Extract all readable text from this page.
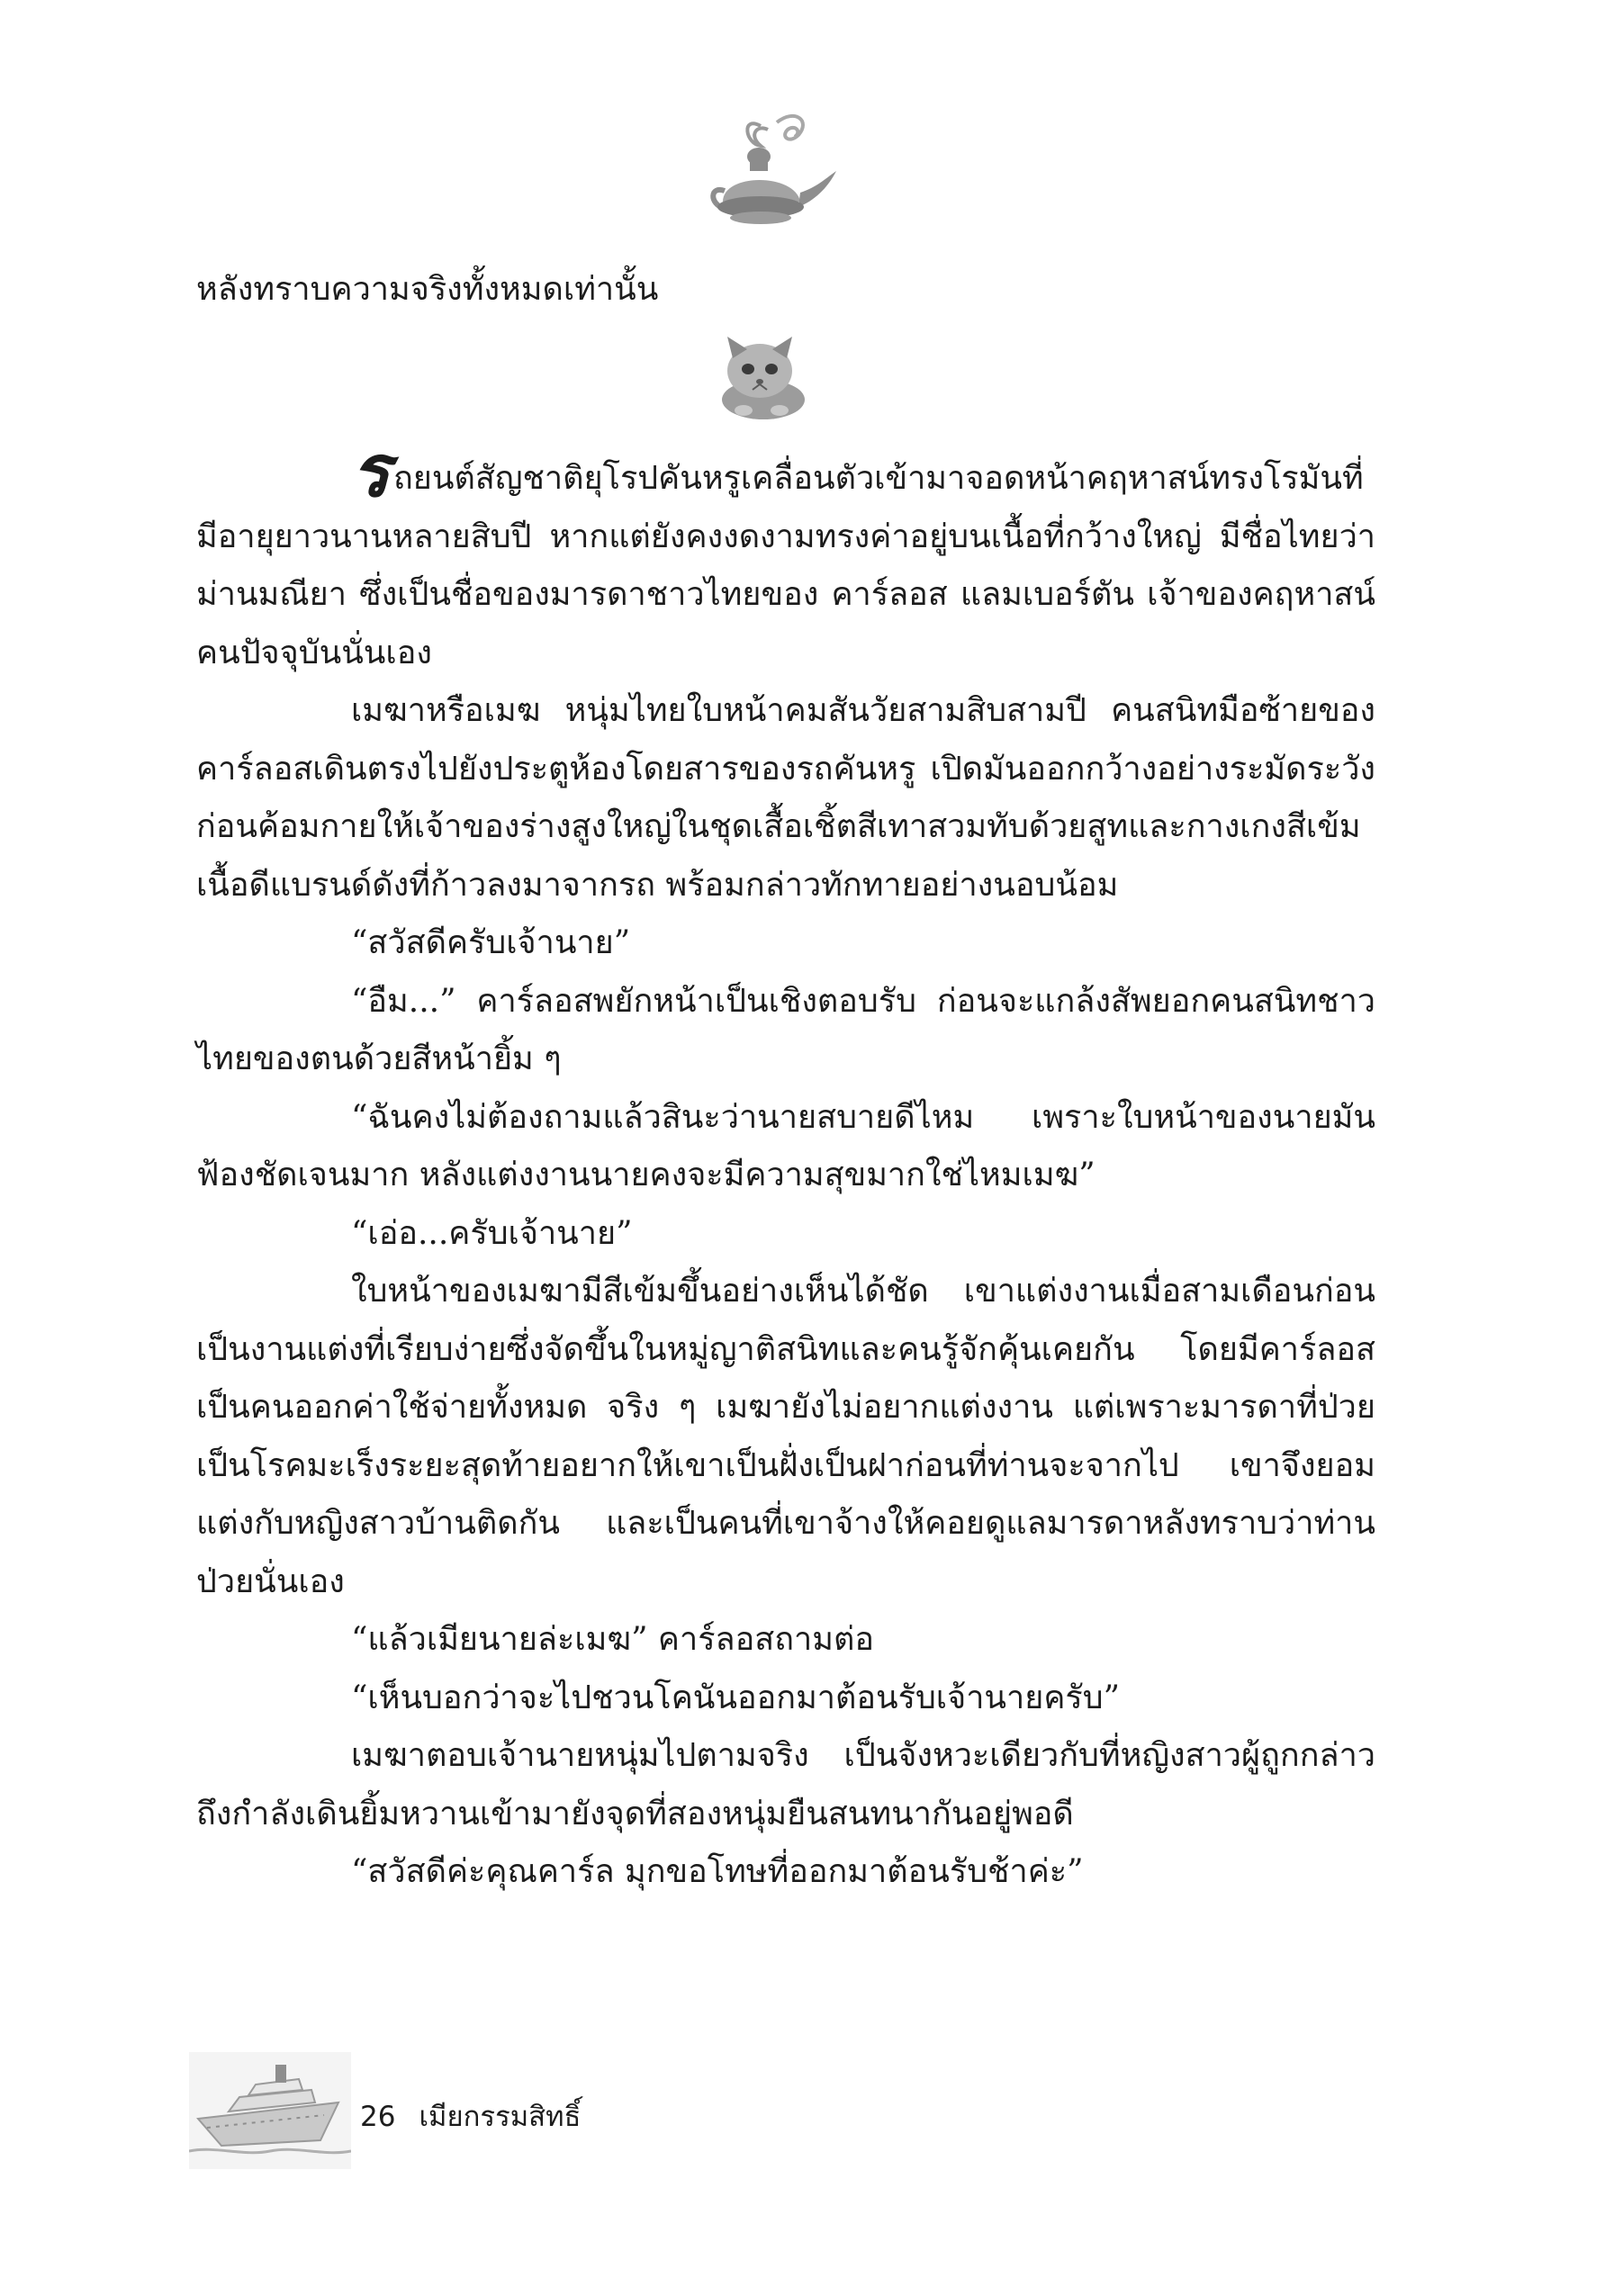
หลังทราบความจริงทั้งหมดเท่านั้น

รถยนต์สัญชาติยุโรปคันหรูเคลื่อนตัวเข้ามาจอดหน้าคฤหาสน์ทรงโรมันที่มีอายุยาวนานหลายสิบปี หากแต่ยังคงงดงามทรงค่าอยู่บนเนื้อที่กว้างใหญ่ มีชื่อไทยว่าม่านมณียา ซึ่งเป็นชื่อของมารดาชาวไทยของ คาร์ลอส แลมเบอร์ตัน เจ้าของคฤหาสน์คนปัจจุบันนั่นเอง

เมฆาหรือเมฆ หนุ่มไทยใบหน้าคมสันวัยสามสิบสามปี คนสนิทมือซ้ายของคาร์ลอสเดินตรงไปยังประตูห้องโดยสารของรถคันหรู เปิดมันออกกว้างอย่างระมัดระวัง ก่อนค้อมกายให้เจ้าของร่างสูงใหญ่ในชุดเสื้อเชิ้ตสีเทาสวมทับด้วยสูทและกางเกงสีเข้มเนื้อดีแบรนด์ดังที่ก้าวลงมาจากรถ พร้อมกล่าวทักทายอย่างนอบน้อม

“สวัสดีครับเจ้านาย”

“อืม...” คาร์ลอสพยักหน้าเป็นเชิงตอบรับ ก่อนจะแกล้งสัพยอกคนสนิทชาวไทยของตนด้วยสีหน้ายิ้ม ๆ

“ฉันคงไม่ต้องถามแล้วสินะว่านายสบายดีไหม เพราะใบหน้าของนายมันฟ้องชัดเจนมาก หลังแต่งงานนายคงจะมีความสุขมากใช่ไหมเมฆ”

“เอ่อ...ครับเจ้านาย”

ใบหน้าของเมฆามีสีเข้มขึ้นอย่างเห็นได้ชัด เขาแต่งงานเมื่อสามเดือนก่อน เป็นงานแต่งที่เรียบง่ายซึ่งจัดขึ้นในหมู่ญาติสนิทและคนรู้จักคุ้นเคยกัน โดยมีคาร์ลอสเป็นคนออกค่าใช้จ่ายทั้งหมด จริง ๆ เมฆายังไม่อยากแต่งงาน แต่เพราะมารดาที่ป่วยเป็นโรคมะเร็งระยะสุดท้ายอยากให้เขาเป็นฝั่งเป็นฝาก่อนที่ท่านจะจากไป เขาจึงยอมแต่งกับหญิงสาวบ้านติดกัน และเป็นคนที่เขาจ้างให้คอยดูแลมารดาหลังทราบว่าท่านป่วยนั่นเอง

“แล้วเมียนายล่ะเมฆ” คาร์ลอสถามต่อ

“เห็นบอกว่าจะไปชวนโคนันออกมาต้อนรับเจ้านายครับ”

เมฆาตอบเจ้านายหนุ่มไปตามจริง เป็นจังหวะเดียวกับที่หญิงสาวผู้ถูกกล่าวถึงกำลังเดินยิ้มหวานเข้ามายังจุดที่สองหนุ่มยืนสนทนากันอยู่พอดี

“สวัสดีค่ะคุณคาร์ล มุกขอโทษที่ออกมาต้อนรับช้าค่ะ”

26 เมียกรรมสิทธิ์
